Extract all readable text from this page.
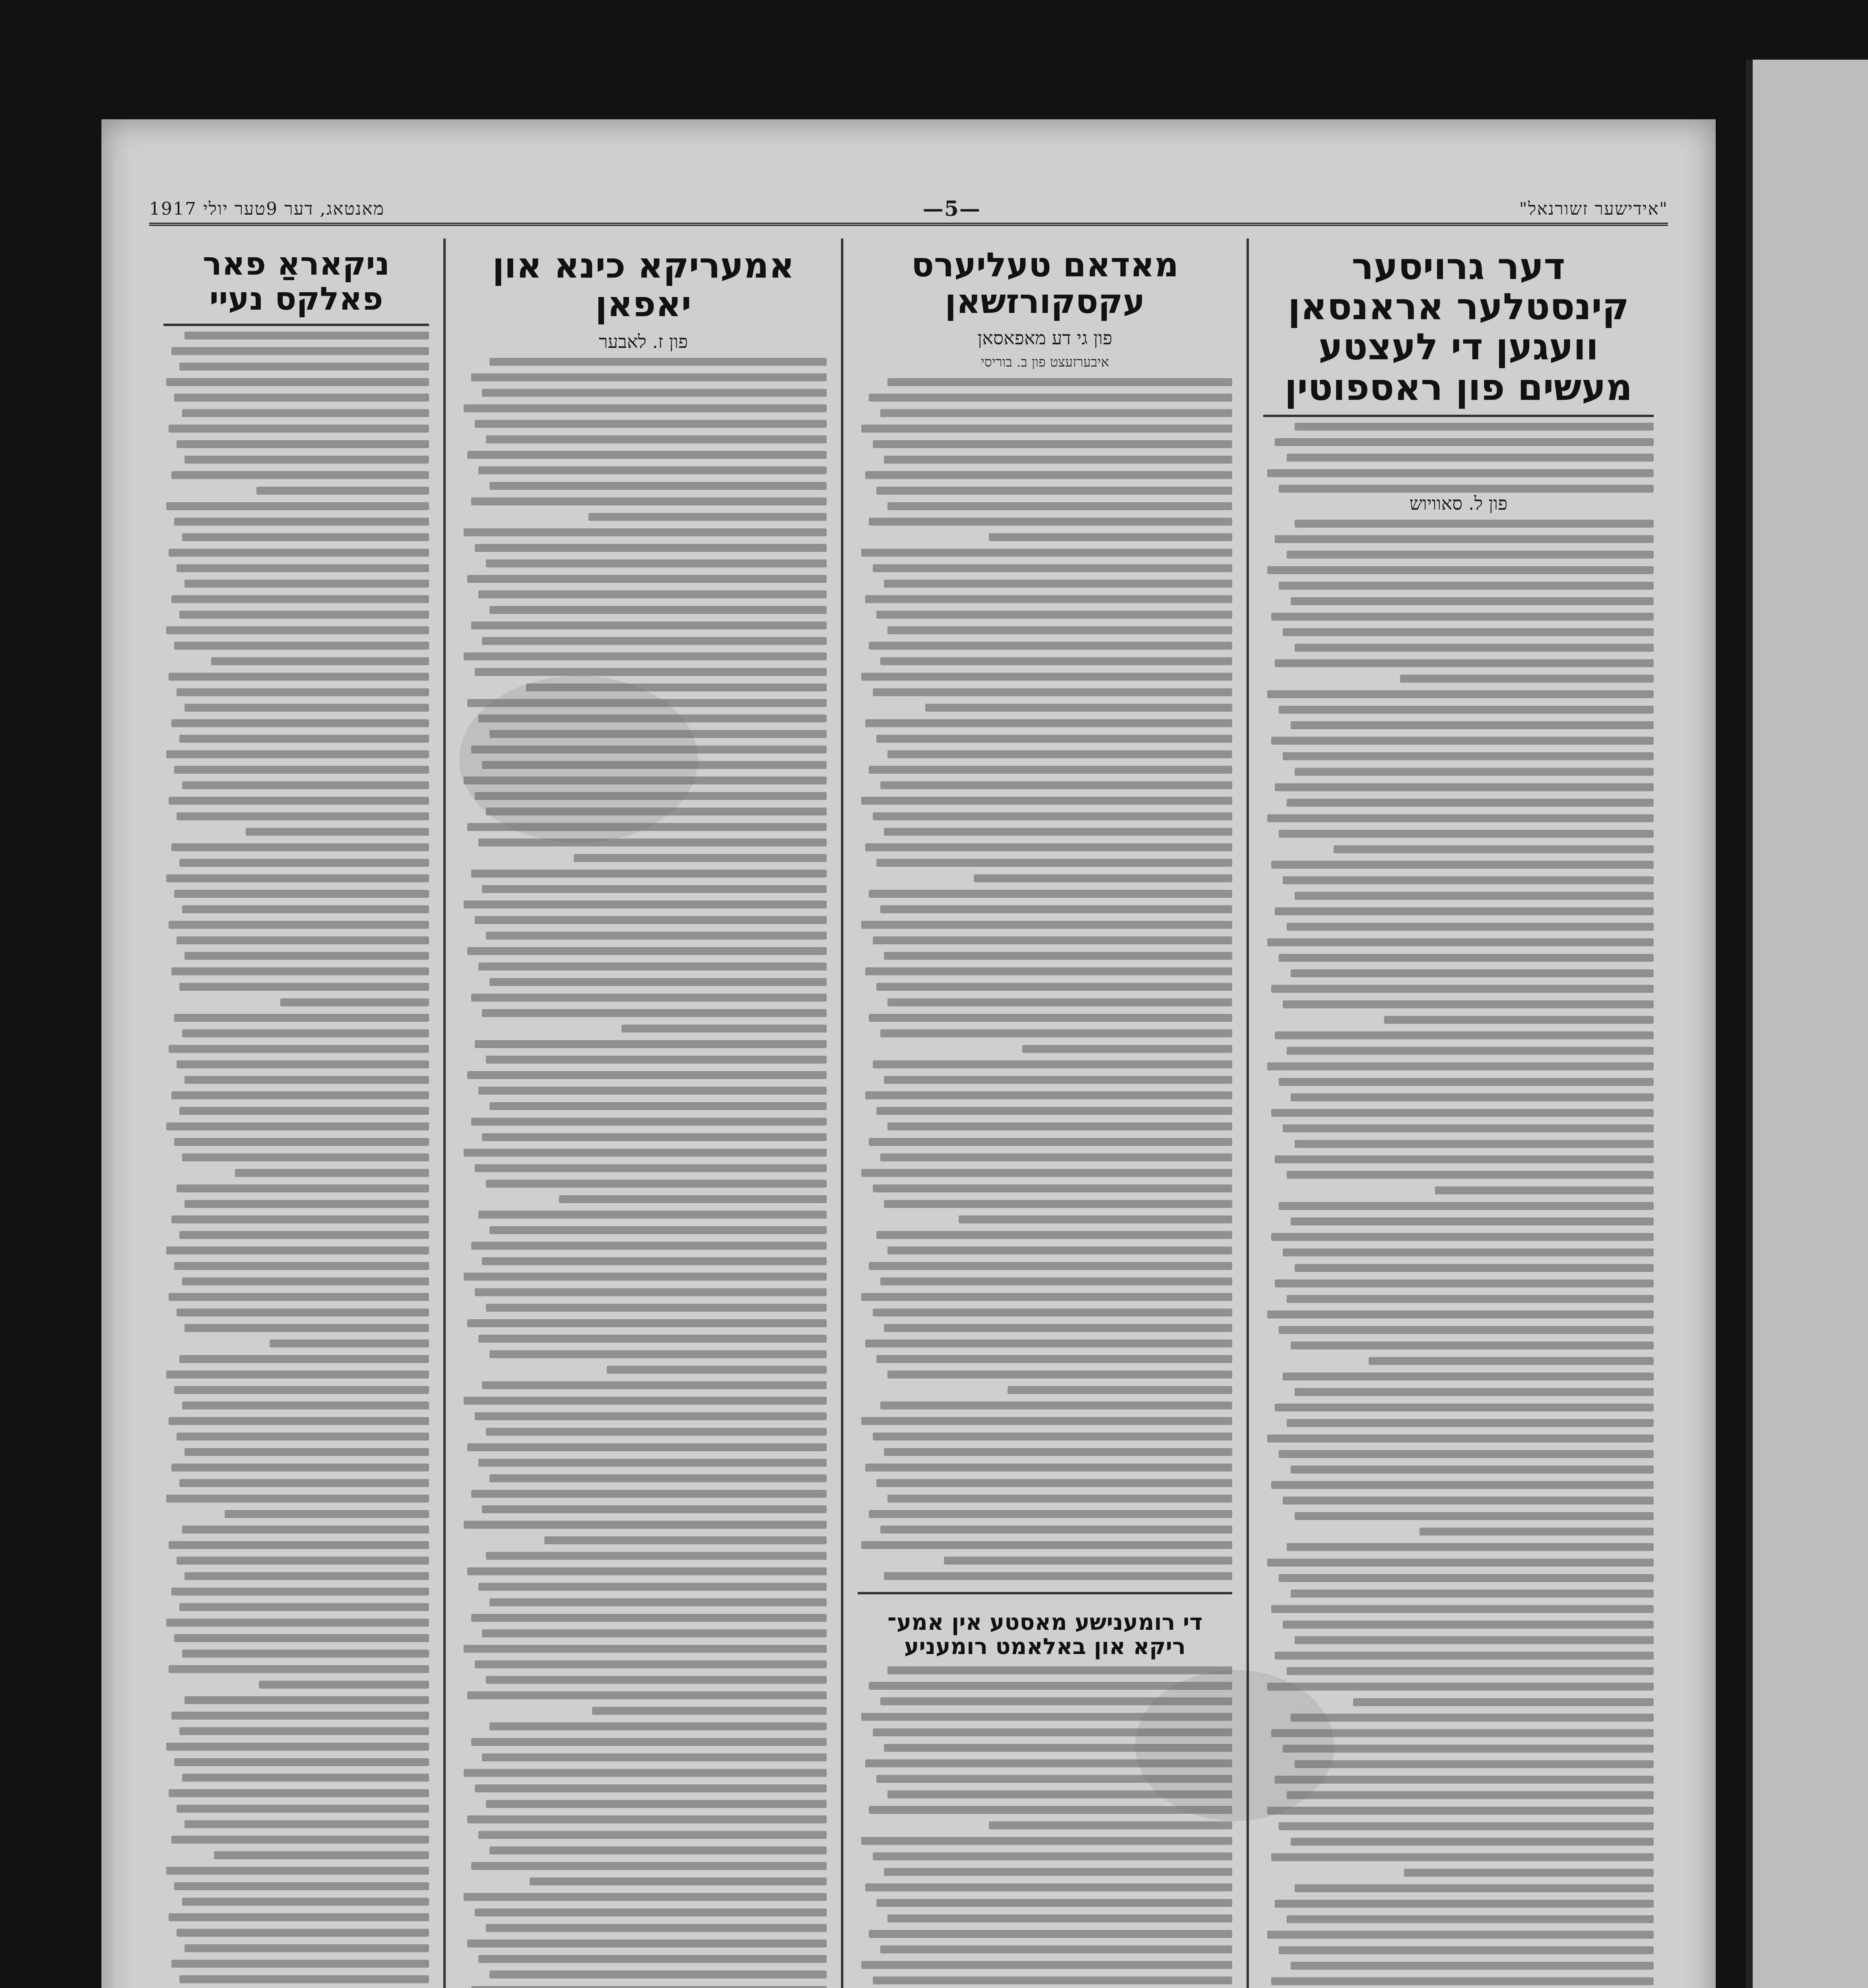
"אידישער זשורנאל"
—5—
מאנטאג, דער 9טער יולי 1917
דער גרויסער קינסטלער אראנסאן וועגען די לעצטע מעשים פון ראספוטין
פון ל. סאוויוש
מאדאם טעליערס עקסקורזשאן
פון גי דע מאפאסאן
איבערזעצט פון ב. בוריסי
די רומענישע מאסטע אין אמע־ ריקא און באלאמט רומעניע
אמעריקא כינא און יאפאן
פון ז. לאבער
ניקאראַ פאר פאלקס נעיי
